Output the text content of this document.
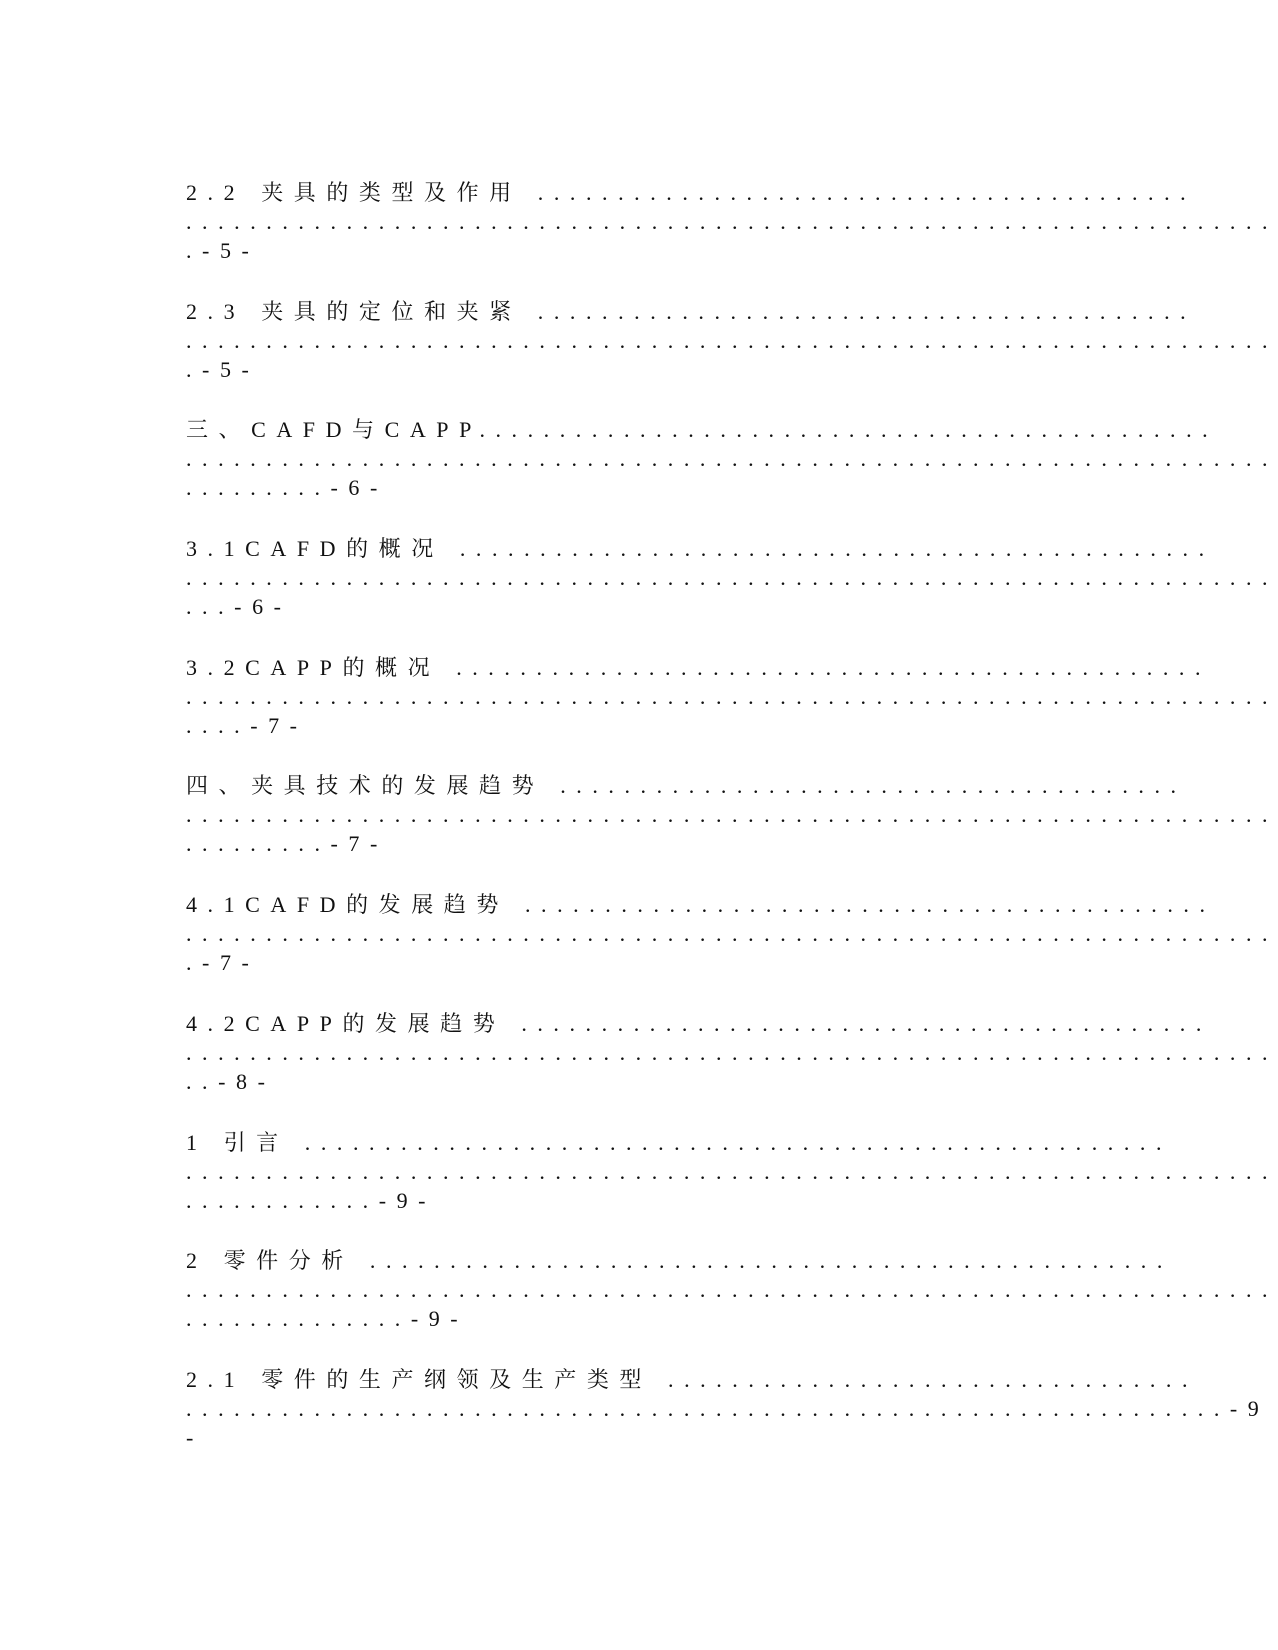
2.2 夹具的类型及作用 .........................................
....................................................................
.-5-
2.3 夹具的定位和夹紧 .........................................
....................................................................
.-5-
三、CAFD与CAPP..............................................
....................................................................
.........-6-
3.1CAFD的概况 ...............................................
....................................................................
...-6-
3.2CAPP的概况 ...............................................
....................................................................
....-7-
四、夹具技术的发展趋势 .......................................
....................................................................
.........-7-
4.1CAFD的发展趋势 ...........................................
....................................................................
.-7-
4.2CAPP的发展趋势 ...........................................
....................................................................
..-8-
1 引言 ......................................................
....................................................................
............-9-
2 零件分析 ..................................................
....................................................................
..............-9-
2.1 零件的生产纲领及生产类型 .................................
.................................................................-9
-
